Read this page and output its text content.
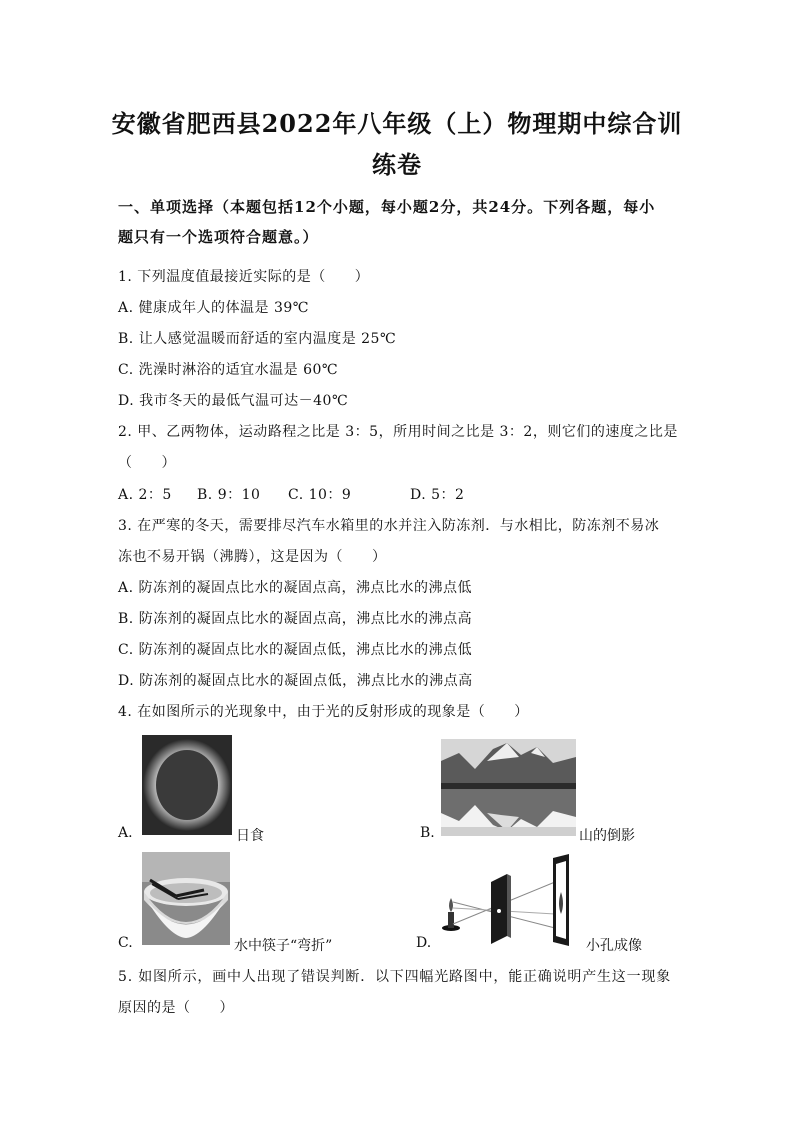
安徽省肥西县2022年八年级（上）物理期中综合训
练卷
一、单项选择（本题包括12个小题，每小题2分，共24分。下列各题，每小
题只有一个选项符合题意。）
1. 下列温度值最接近实际的是（　　）
A. 健康成年人的体温是 39℃
B. 让人感觉温暖而舒适的室内温度是 25℃
C. 洗澡时淋浴的适宜水温是 60℃
D. 我市冬天的最低气温可达－40℃
2. 甲、乙两物体，运动路程之比是 3：5，所用时间之比是 3：2，则它们的速度之比是
（　　）
A. 2：5 B. 9：10 C. 10：9	D. 5：2
3. 在严寒的冬天，需要排尽汽车水箱里的水并注入防冻剂．与水相比，防冻剂不易冰
冻也不易开锅（沸腾），这是因为（　　）
A. 防冻剂的凝固点比水的凝固点高，沸点比水的沸点低
B. 防冻剂的凝固点比水的凝固点高，沸点比水的沸点高
C. 防冻剂的凝固点比水的凝固点低，沸点比水的沸点低
D. 防冻剂的凝固点比水的凝固点低，沸点比水的沸点高
4. 在如图所示的光现象中，由于光的反射形成的现象是（　　）
A.	日食	B.	山的倒影
C.	水中筷子“弯折”	D.	小孔成像
5. 如图所示，画中人出现了错误判断．以下四幅光路图中，能正确说明产生这一现象
原因的是（　　）
